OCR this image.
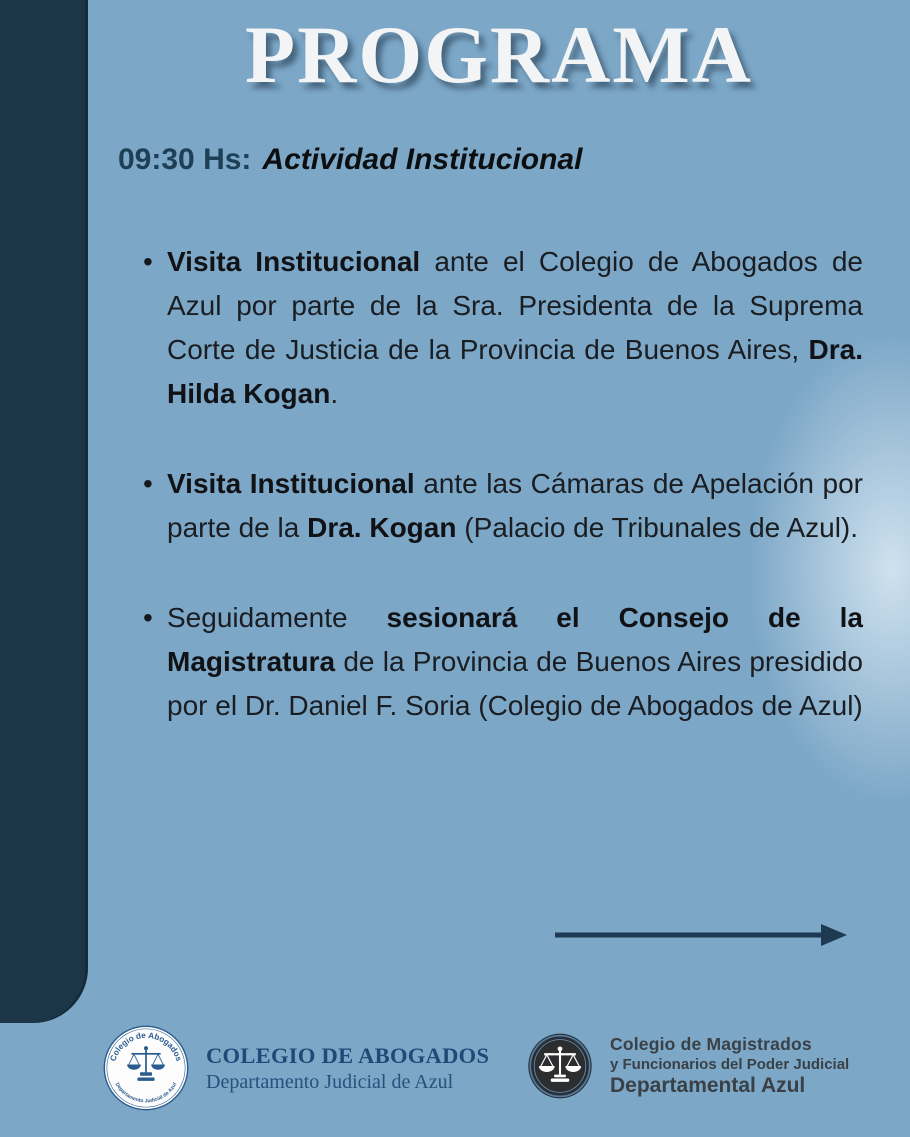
PROGRAMA
09:30 Hs: Actividad Institucional
• Visita Institucional ante el Colegio de Abogados de Azul por parte de la Sra. Presidenta de la Suprema Corte de Justicia de la Provincia de Buenos Aires, Dra. Hilda Kogan.
• Visita Institucional ante las Cámaras de Apelación por parte de la Dra. Kogan (Palacio de Tribunales de Azul).
• Seguidamente sesionará el Consejo de la Magistratura de la Provincia de Buenos Aires presidido por el Dr. Daniel F. Soria (Colegio de Abogados de Azul)
Colegio de Abogados
Departamento Judicial de Azul
COLEGIO DE ABOGADOS
Departamento Judicial de Azul
Colegio de Magistrados
y Funcionarios del Poder Judicial
Departamental Azul
